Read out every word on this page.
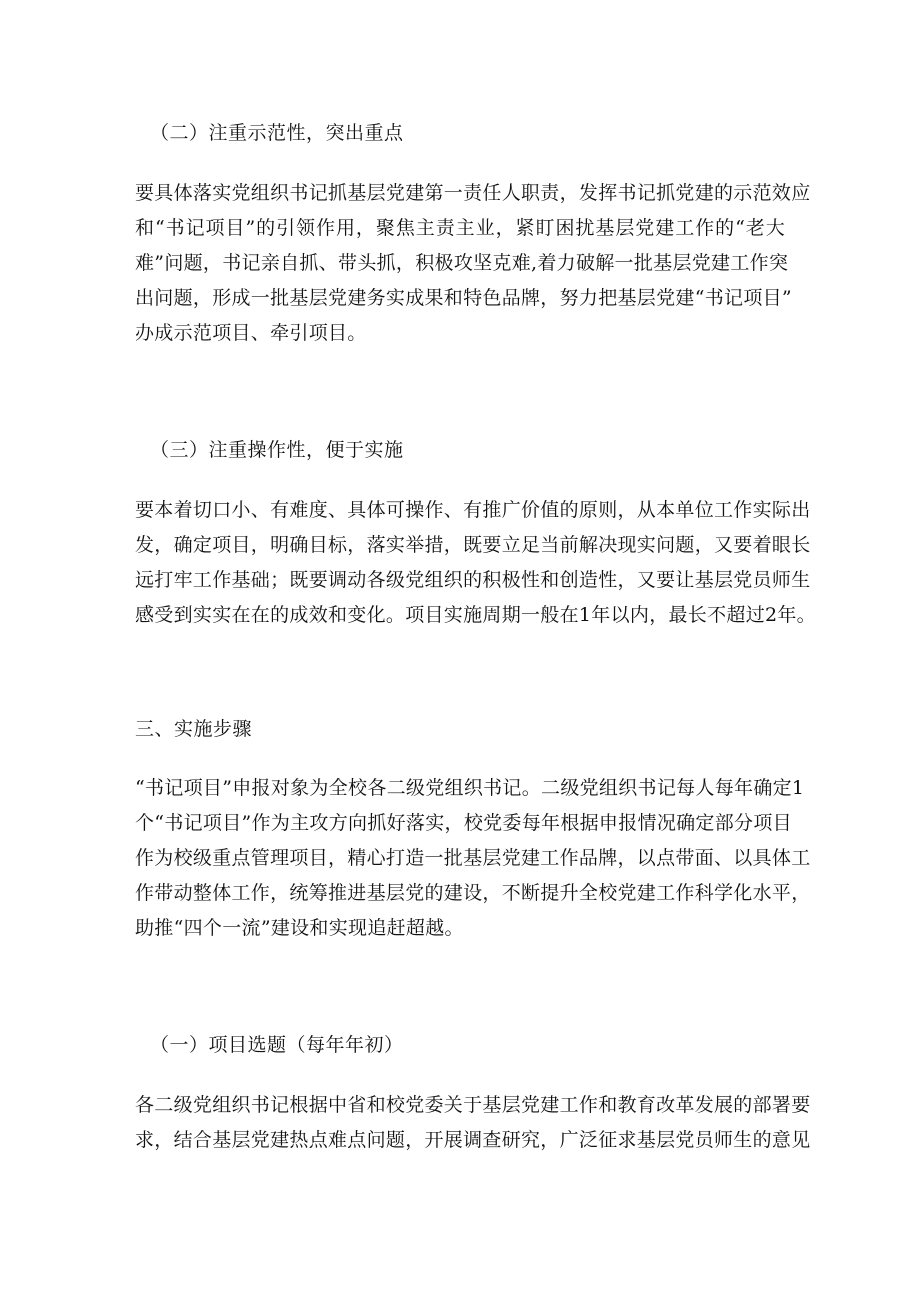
（二）注重示范性，突出重点
要具体落实党组织书记抓基层党建第一责任人职责，发挥书记抓党建的示范效应
和“书记项目”的引领作用，聚焦主责主业，紧盯困扰基层党建工作的“老大
难”问题，书记亲自抓、带头抓，积极攻坚克难,着力破解一批基层党建工作突
出问题，形成一批基层党建务实成果和特色品牌，努力把基层党建“书记项目”
办成示范项目、牵引项目。
（三）注重操作性，便于实施
要本着切口小、有难度、具体可操作、有推广价值的原则，从本单位工作实际出
发，确定项目，明确目标，落实举措，既要立足当前解决现实问题，又要着眼长
远打牢工作基础；既要调动各级党组织的积极性和创造性，又要让基层党员师生
感受到实实在在的成效和变化。项目实施周期一般在1年以内，最长不超过2年。
三、实施步骤
“书记项目”申报对象为全校各二级党组织书记。二级党组织书记每人每年确定1
个“书记项目”作为主攻方向抓好落实，校党委每年根据申报情况确定部分项目
作为校级重点管理项目，精心打造一批基层党建工作品牌，以点带面、以具体工
作带动整体工作，统筹推进基层党的建设，不断提升全校党建工作科学化水平，
助推“四个一流”建设和实现追赶超越。
（一）项目选题（每年年初）
各二级党组织书记根据中省和校党委关于基层党建工作和教育改革发展的部署要
求，结合基层党建热点难点问题，开展调查研究，广泛征求基层党员师生的意见
